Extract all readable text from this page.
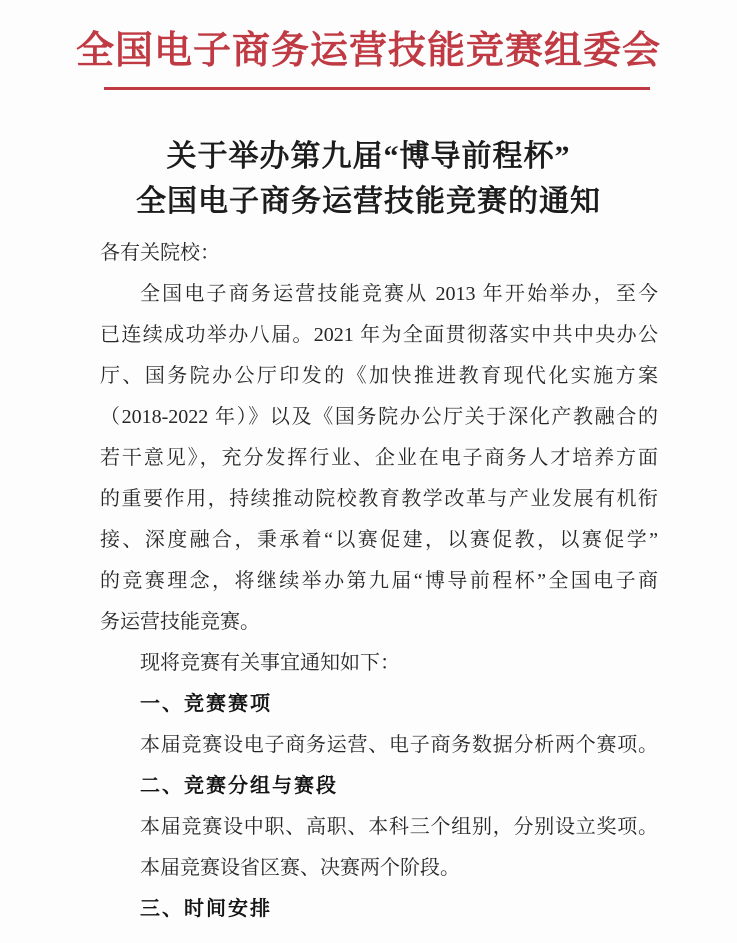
全国电子商务运营技能竞赛组委会
关于举办第九届“博导前程杯”
全国电子商务运营技能竞赛的通知
各有关院校：
全国电子商务运营技能竞赛从 2013 年开始举办，至今
已连续成功举办八届。2021 年为全面贯彻落实中共中央办公
厅、国务院办公厅印发的《加快推进教育现代化实施方案
（2018-2022 年）》以及《国务院办公厅关于深化产教融合的
若干意见》，充分发挥行业、企业在电子商务人才培养方面
的重要作用，持续推动院校教育教学改革与产业发展有机衔
接、深度融合，秉承着“以赛促建，以赛促教，以赛促学”
的竞赛理念，将继续举办第九届“博导前程杯”全国电子商
务运营技能竞赛。
现将竞赛有关事宜通知如下：
一、竞赛赛项
本届竞赛设电子商务运营、电子商务数据分析两个赛项。
二、竞赛分组与赛段
本届竞赛设中职、高职、本科三个组别，分别设立奖项。
本届竞赛设省区赛、决赛两个阶段。
三、时间安排
